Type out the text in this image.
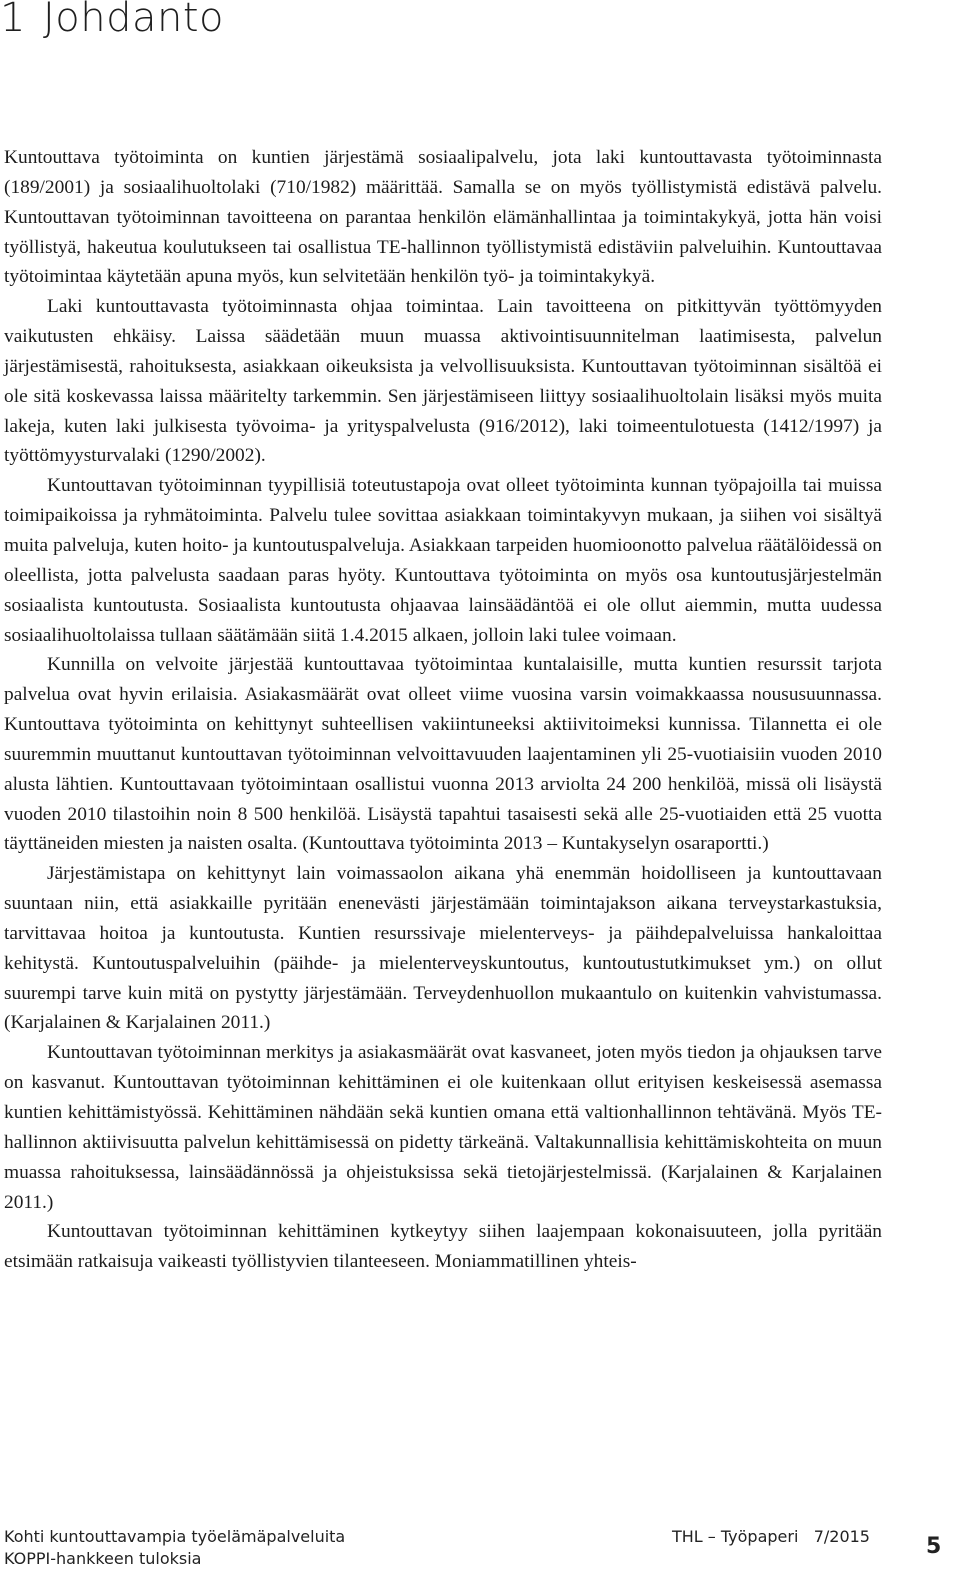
1 Johdanto

Kuntouttava työtoiminta on kuntien järjestämä sosiaalipalvelu, jota laki kuntouttavasta työtoiminnasta (189/2001) ja sosiaalihuoltolaki (710/1982) määrittää. Samalla se on myös työllistymistä edistävä palvelu. Kuntouttavan työtoiminnan tavoitteena on parantaa henkilön elämänhallintaa ja toimintakykyä, jotta hän voisi työllistyä, hakeutua koulutukseen tai osallistua TE-hallinnon työllistymistä edistäviin palveluihin. Kuntouttavaa työtoimintaa käytetään apuna myös, kun selvitetään henkilön työ- ja toimintakykyä.

Laki kuntouttavasta työtoiminnasta ohjaa toimintaa. Lain tavoitteena on pitkittyvän työttömyyden vaikutusten ehkäisy. Laissa säädetään muun muassa aktivointisuunnitelman laatimisesta, palvelun järjestämisestä, rahoituksesta, asiakkaan oikeuksista ja velvollisuuksista. Kuntouttavan työtoiminnan sisältöä ei ole sitä koskevassa laissa määritelty tarkemmin. Sen järjestämiseen liittyy sosiaalihuoltolain lisäksi myös muita lakeja, kuten laki julkisesta työvoima- ja yrityspalvelusta (916/2012), laki toimeentulotuesta (1412/1997) ja työttömyysturvalaki (1290/2002).

Kuntouttavan työtoiminnan tyypillisiä toteutustapoja ovat olleet työtoiminta kunnan työpajoilla tai muissa toimipaikoissa ja ryhmätoiminta. Palvelu tulee sovittaa asiakkaan toimintakyvyn mukaan, ja siihen voi sisältyä muita palveluja, kuten hoito- ja kuntoutuspalveluja. Asiakkaan tarpeiden huomioonotto palvelua räätälöidessä on oleellista, jotta palvelusta saadaan paras hyöty. Kuntouttava työtoiminta on myös osa kuntoutusjärjestelmän sosiaalista kuntoutusta. Sosiaalista kuntoutusta ohjaavaa lainsäädäntöä ei ole ollut aiemmin, mutta uudessa sosiaalihuoltolaissa tullaan säätämään siitä 1.4.2015 alkaen, jolloin laki tulee voimaan.

Kunnilla on velvoite järjestää kuntouttavaa työtoimintaa kuntalaisille, mutta kuntien resurssit tarjota palvelua ovat hyvin erilaisia. Asiakasmäärät ovat olleet viime vuosina varsin voimakkaassa noususuunnassa. Kuntouttava työtoiminta on kehittynyt suhteellisen vakiintuneeksi aktiivitoimeksi kunnissa. Tilannetta ei ole suuremmin muuttanut kuntouttavan työtoiminnan velvoittavuuden laajentaminen yli 25-vuotiaisiin vuoden 2010 alusta lähtien. Kuntouttavaan työtoimintaan osallistui vuonna 2013 arviolta 24 200 henkilöä, missä oli lisäystä vuoden 2010 tilastoihin noin 8 500 henkilöä. Lisäystä tapahtui tasaisesti sekä alle 25-vuotiaiden että 25 vuotta täyttäneiden miesten ja naisten osalta. (Kuntouttava työtoiminta 2013 – Kuntakyselyn osaraportti.)

Järjestämistapa on kehittynyt lain voimassaolon aikana yhä enemmän hoidolliseen ja kuntouttavaan suuntaan niin, että asiakkaille pyritään enenevästi järjestämään toimintajakson aikana terveystarkastuksia, tarvittavaa hoitoa ja kuntoutusta. Kuntien resurssivaje mielenterveys- ja päihdepalveluissa hankaloittaa kehitystä. Kuntoutuspalveluihin (päihde- ja mielenterveyskuntoutus, kuntoutustutkimukset ym.) on ollut suurempi tarve kuin mitä on pystytty järjestämään. Terveydenhuollon mukaantulo on kuitenkin vahvistumassa. (Karjalainen & Karjalainen 2011.)

Kuntouttavan työtoiminnan merkitys ja asiakasmäärät ovat kasvaneet, joten myös tiedon ja ohjauksen tarve on kasvanut. Kuntouttavan työtoiminnan kehittäminen ei ole kuitenkaan ollut erityisen keskeisessä asemassa kuntien kehittämistyössä. Kehittäminen nähdään sekä kuntien omana että valtionhallinnon tehtävänä. Myös TE-hallinnon aktiivisuutta palvelun kehittämisessä on pidetty tärkeänä. Valtakunnallisia kehittämiskohteita on muun muassa rahoituksessa, lainsäädännössä ja ohjeistuksissa sekä tietojärjestelmissä. (Karjalainen & Karjalainen 2011.)

Kuntouttavan työtoiminnan kehittäminen kytkeytyy siihen laajempaan kokonaisuuteen, jolla pyritään etsimään ratkaisuja vaikeasti työllistyvien tilanteeseen. Moniammatillinen yhteis-

Kohti kuntouttavampia työelämäpalveluita
KOPPI-hankkeen tuloksia
THL – Työpaperi 7/2015	5
